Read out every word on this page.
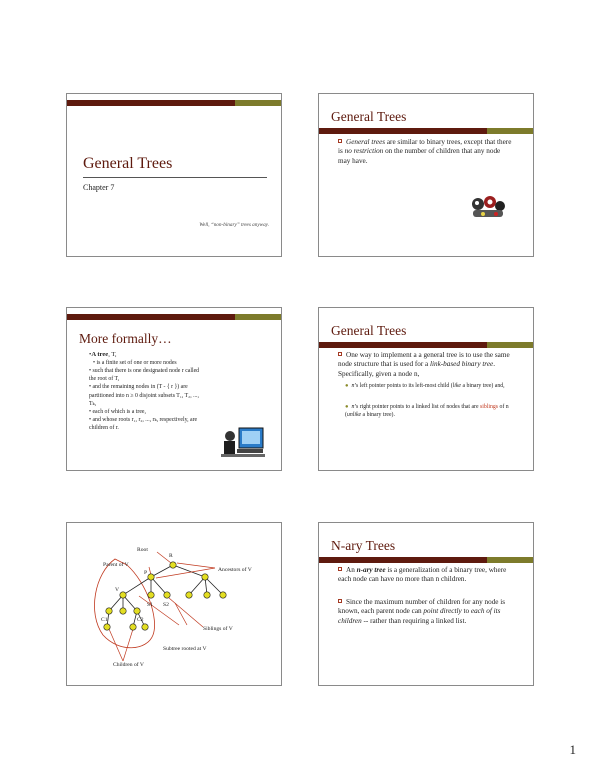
General Trees
Chapter 7
Well, “non-binary” trees anyway.
General Trees
General trees are similar to binary trees, except that there is no restriction on the number of children that any node may have.
More formally…
•A tree, T,
• is a finite set of one or more nodes
• such that there is one designated node r called the root of T,
• and the remaining nodes in (T - { r }) are partitioned into n ≥ 0 disjoint subsets T₁, T₂, ..., Tₖ,
• each of which is a tree,
• and whose roots r₁, r₂, ..., rₖ, respectively, are children of r.
General Trees
One way to implement a a general tree is to use the same node structure that is used for a link-based binary tree. Specifically, given a node n,
● n’s left pointer points to its left-most child (like a binary tree) and,
● n’s right pointer points to a linked list of nodes that are siblings of n (unlike a binary tree).
Root
R
Parent of V
P	Ancestors of V
V
S1 S2
C1	C2
Siblings of V
Subtree rooted at V
Children of V
N-ary Trees
An n-ary tree is a generalization of a binary tree, where each node can have no more than n children.
Since the maximum number of children for any node is known, each parent node can point directly to each of its children -- rather than requiring a linked list.
1
